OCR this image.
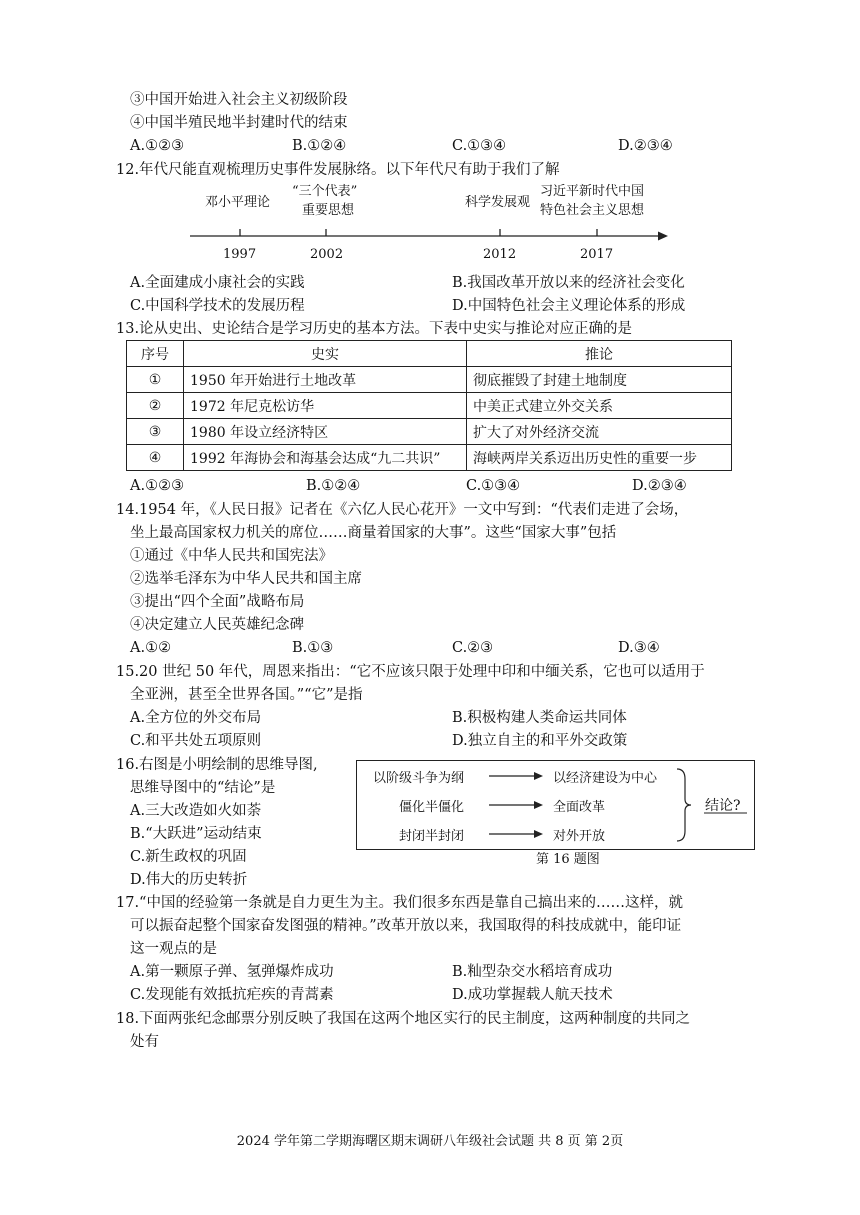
③中国开始进入社会主义初级阶段
④中国半殖民地半封建时代的结束
A.①②③	B.①②④	C.①③④	D.②③④
12.年代尺能直观梳理历史事件发展脉络。以下年代尺有助于我们了解
邓小平理论
“三个代表”
重要思想
科学发展观
习近平新时代中国
特色社会主义思想
1997	2002	2012	2017
A.全面建成小康社会的实践	B.我国改革开放以来的经济社会变化
C.中国科学技术的发展历程	D.中国特色社会主义理论体系的形成
13.论从史出、史论结合是学习历史的基本方法。下表中史实与推论对应正确的是
序号	史实	推论
①	1950 年开始进行土地改革	彻底摧毁了封建土地制度
②	1972 年尼克松访华	中美正式建立外交关系
③	1980 年设立经济特区	扩大了对外经济交流
④	1992 年海协会和海基会达成“九二共识”	海峡两岸关系迈出历史性的重要一步
A.①②③	B.①②④	C.①③④	D.②③④
14.1954 年，《人民日报》记者在《六亿人民心花开》一文中写到：“代表们走进了会场，
坐上最高国家权力机关的席位……商量着国家的大事”。这些“国家大事”包括
①通过《中华人民共和国宪法》
②选举毛泽东为中华人民共和国主席
③提出“四个全面”战略布局
④决定建立人民英雄纪念碑
A.①②	B.①③	C.②③	D.③④
15.20 世纪 50 年代，周恩来指出：“它不应该只限于处理中印和中缅关系，它也可以适用于
全亚洲，甚至全世界各国。”“它”是指
A.全方位的外交布局	B.积极构建人类命运共同体
C.和平共处五项原则	D.独立自主的和平外交政策
16.右图是小明绘制的思维导图,
思维导图中的“结论”是
A.三大改造如火如荼
B.“大跃进”运动结束
C.新生政权的巩固
D.伟大的历史转折
以阶级斗争为纲
僵化半僵化
封闭半封闭
以经济建设为中心
全面改革
对外开放
结论?
第 16 题图
17.“中国的经验第一条就是自力更生为主。我们很多东西是靠自己搞出来的……这样，就
可以振奋起整个国家奋发图强的精神。”改革开放以来，我国取得的科技成就中，能印证
这一观点的是
A.第一颗原子弹、氢弹爆炸成功	B.籼型杂交水稻培育成功
C.发现能有效抵抗疟疾的青蒿素	D.成功掌握载人航天技术
18.下面两张纪念邮票分别反映了我国在这两个地区实行的民主制度，这两种制度的共同之
处有
2024 学年第二学期海曙区期末调研八年级社会试题 共 8 页 第 2页
